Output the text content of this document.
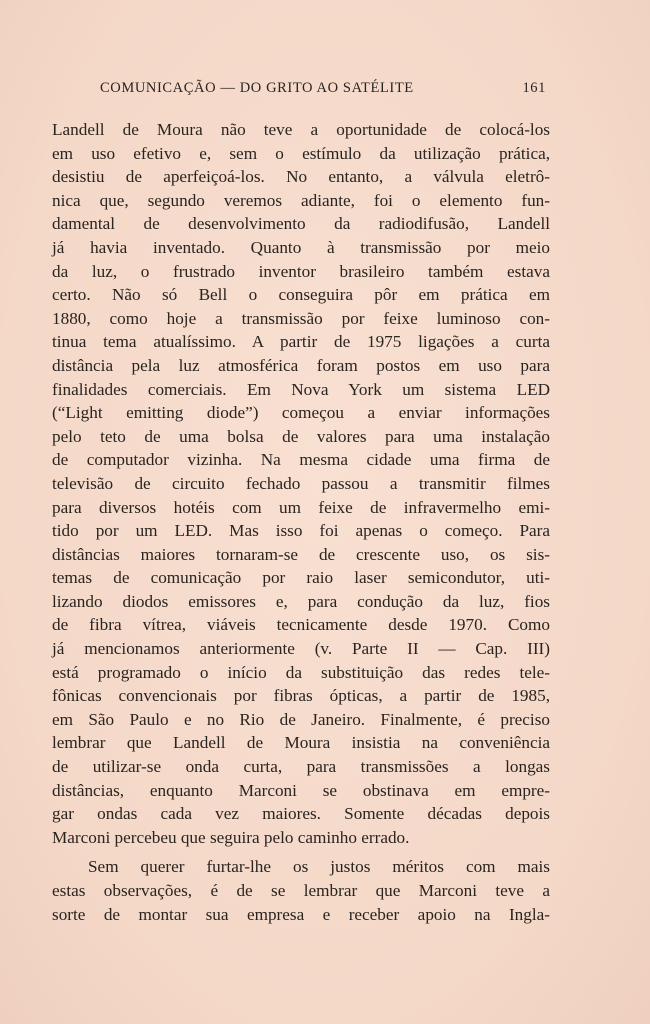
COMUNICAÇÃO — DO GRITO AO SATÉLITE	161
Landell de Moura não teve a oportunidade de colocá-los
em uso efetivo e, sem o estímulo da utilização prática,
desistiu de aperfeiçoá-los. No entanto, a válvula eletrô-
nica que, segundo veremos adiante, foi o elemento fun-
damental de desenvolvimento da radiodifusão, Landell
já havia inventado. Quanto à transmissão por meio
da luz, o frustrado inventor brasileiro também estava
certo. Não só Bell o conseguira pôr em prática em
1880, como hoje a transmissão por feixe luminoso con-
tinua tema atualíssimo. A partir de 1975 ligações a curta
distância pela luz atmosférica foram postos em uso para
finalidades comerciais. Em Nova York um sistema LED
(“Light emitting diode”) começou a enviar informações
pelo teto de uma bolsa de valores para uma instalação
de computador vizinha. Na mesma cidade uma firma de
televisão de circuito fechado passou a transmitir filmes
para diversos hotéis com um feixe de infravermelho emi-
tido por um LED. Mas isso foi apenas o começo. Para
distâncias maiores tornaram-se de crescente uso, os sis-
temas de comunicação por raio laser semicondutor, uti-
lizando diodos emissores e, para condução da luz, fios
de fibra vítrea, viáveis tecnicamente desde 1970. Como
já mencionamos anteriormente (v. Parte II — Cap. III)
está programado o início da substituição das redes tele-
fônicas convencionais por fibras ópticas, a partir de 1985,
em São Paulo e no Rio de Janeiro. Finalmente, é preciso
lembrar que Landell de Moura insistia na conveniência
de utilizar-se onda curta, para transmissões a longas
distâncias, enquanto Marconi se obstinava em empre-
gar ondas cada vez maiores. Somente décadas depois
Marconi percebeu que seguira pelo caminho errado.
Sem querer furtar-lhe os justos méritos com mais
estas observações, é de se lembrar que Marconi teve a
sorte de montar sua empresa e receber apoio na Ingla-
